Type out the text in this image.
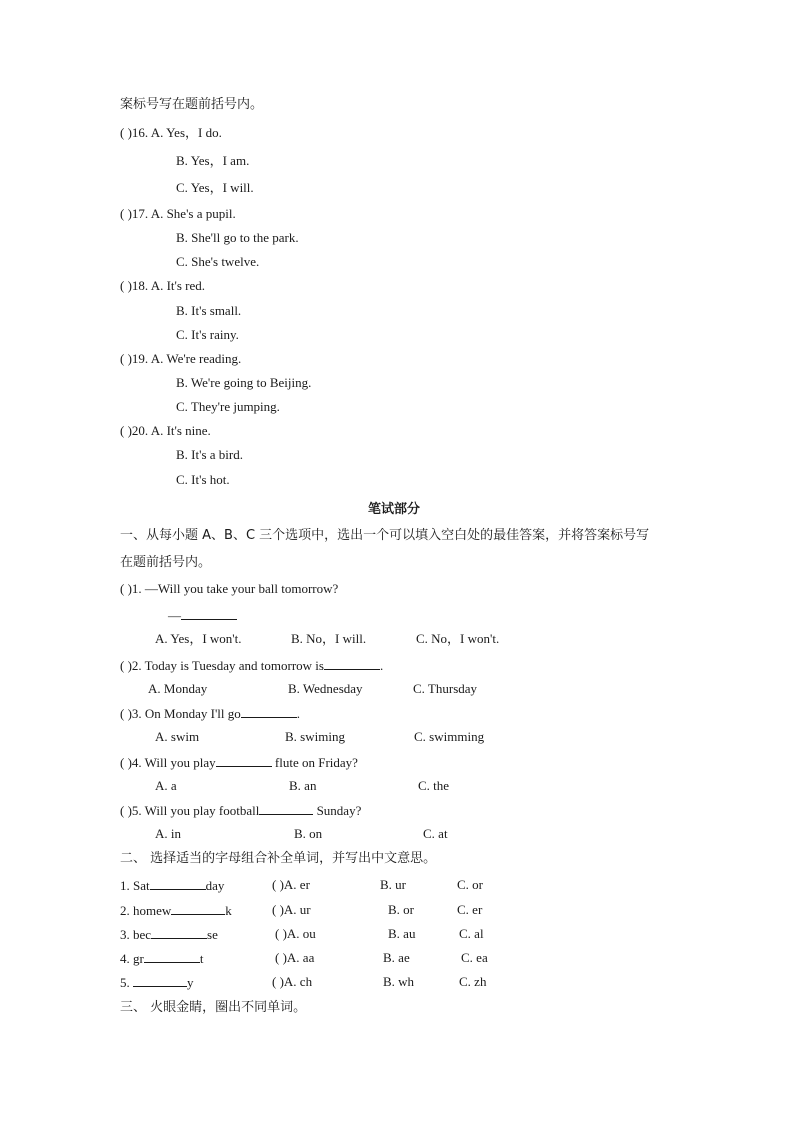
案标号写在题前括号内。
( )16. A. Yes，I do.
B. Yes，I am.
C. Yes，I will.
( )17. A. She's a pupil.
B. She'll go to the park.
C. She's twelve.
( )18. A. It's red.
B. It's small.
C. It's rainy.
( )19. A. We're reading.
B. We're going to Beijing.
C. They're jumping.
( )20. A. It's nine.
B. It's a bird.
C. It's hot.
笔试部分
一、从每小题 A、B、C 三个选项中，选出一个可以填入空白处的最佳答案，并将答案标号写
在题前括号内。
( )1. —Will you take your ball tomorrow?
—
A. Yes，I won't.	B. No，I will.	C. No，I won't.
( )2. Today is Tuesday and tomorrow is	.
A. Monday	B. Wednesday	C. Thursday
( )3. On Monday I'll go	.
A. swim	B. swiming	C. swimming
( )4. Will you play	flute on Friday?
A. a	B. an	C. the
( )5. Will you play football	Sunday?
A. in	B. on	C. at
二、 选择适当的字母组合补全单词，并写出中文意思。
1. Sat	day	( )A. er	B. ur	C. or
2. homew	k	( )A. ur	B. or	C. er
3. bec	se	( )A. ou	B. au	C. al
4. gr	t	( )A. aa	B. ae	C. ea
5.	y	( )A. ch	B. wh	C. zh
三、 火眼金睛，圈出不同单词。
